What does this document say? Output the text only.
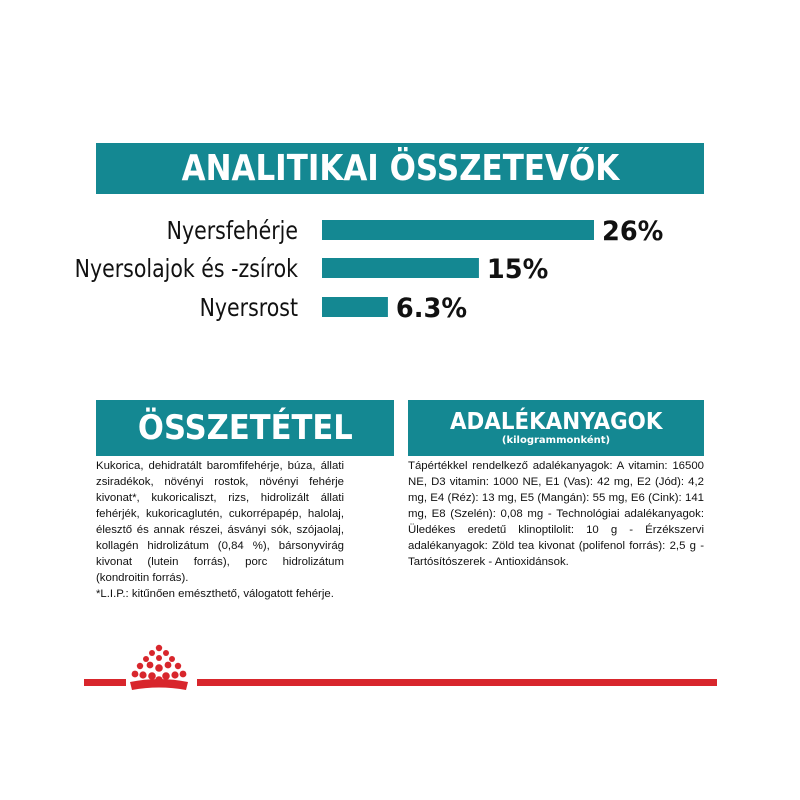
ANALITIKAI ÖSSZETEVŐK
Nyersfehérje	26%
Nyersolajok és -zsírok	15%
Nyersrost	6.3%
ÖSSZETÉTEL	ADALÉKANYAGOK
(kilogrammonként)

Kukorica, dehidratált baromfifehérje, búza, állati zsiradékok, növényi rostok, növényi fehérje kivonat*, kukoricaliszt, rizs, hidrolizált állati fehérjék, kukoricaglutén, cukorrépapép, halolaj, élesztő és annak részei, ásványi sók, szójaolaj, kollagén hidrolizátum (0,84 %), bársonyvirág kivonat (lutein forrás), porc hidrolizátum (kondroitin forrás).

*L.I.P.: kitűnően emészthető, válogatott fehérje.

Tápértékkel rendelkező adalékanyagok: A vitamin: 16500 NE, D3 vitamin: 1000 NE, E1 (Vas): 42 mg, E2 (Jód): 4,2 mg, E4 (Réz): 13 mg, E5 (Mangán): 55 mg, E6 (Cink): 141 mg, E8 (Szelén): 0,08 mg - Technológiai adalékanyagok: Üledékes eredetű klinoptilolit: 10 g - Érzékszervi adalékanyagok: Zöld tea kivonat (polifenol forrás): 2,5 g - Tartósítószerek - Antioxidánsok.
